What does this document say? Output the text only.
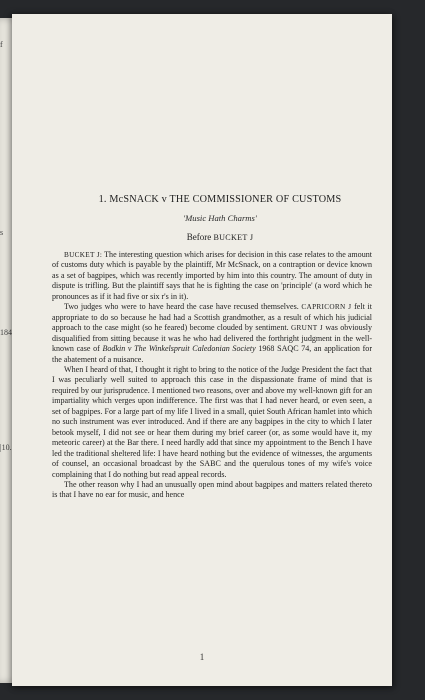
f
s
184
|10.
1. McSNACK v THE COMMISSIONER OF CUSTOMS
'Music Hath Charms'
Before BUCKET J

BUCKET J: The interesting question which arises for decision in this case relates to the amount of customs duty which is payable by the plaintiff, Mr McSnack, on a contraption or device known as a set of bagpipes, which was recently imported by him into this country. The amount of duty in dispute is trifling. But the plaintiff says that he is fighting the case on 'principle' (a word which he pronounces as if it had five or six r's in it).

Two judges who were to have heard the case have recused themselves. CAPRICORN J felt it appropriate to do so because he had had a Scottish grandmother, as a result of which his judicial approach to the case might (so he feared) become clouded by sentiment. GRUNT J was obviously disqualified from sitting because it was he who had delivered the forthright judgment in the well-known case of Bodkin v The Winkelspruit Caledonian Society 1968 SAQC 74, an application for the abatement of a nuisance.

When I heard of that, I thought it right to bring to the notice of the Judge President the fact that I was peculiarly well suited to approach this case in the dispassionate frame of mind that is required by our jurisprudence. I mentioned two reasons, over and above my well-known gift for an impartiality which verges upon indifference. The first was that I had never heard, or even seen, a set of bagpipes. For a large part of my life I lived in a small, quiet South African hamlet into which no such instrument was ever introduced. And if there are any bagpipes in the city to which I later betook myself, I did not see or hear them during my brief career (or, as some would have it, my meteoric career) at the Bar there. I need hardly add that since my appointment to the Bench I have led the traditional sheltered life: I have heard nothing but the evidence of witnesses, the arguments of counsel, an occasional broadcast by the SABC and the querulous tones of my wife's voice complaining that I do nothing but read appeal records.

The other reason why I had an unusually open mind about bagpipes and matters related thereto is that I have no ear for music, and hence

1
